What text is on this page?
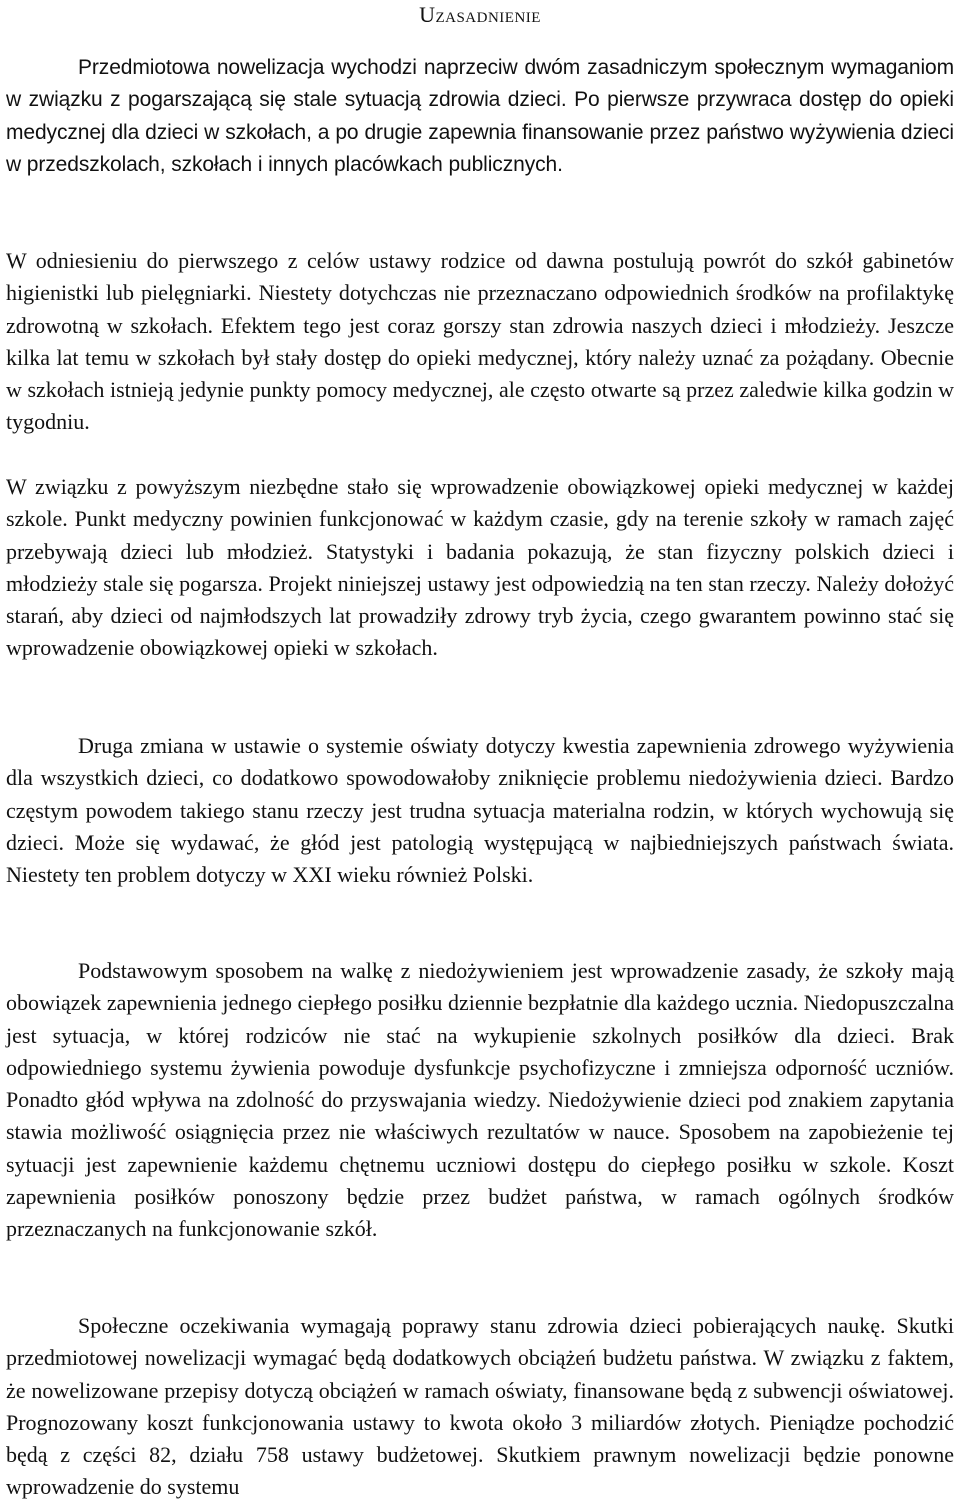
Uzasadnienie

Przedmiotowa nowelizacja wychodzi naprzeciw dwóm zasadniczym społecznym wymaganiom w związku z pogarszającą się stale sytuacją zdrowia dzieci. Po pierwsze przywraca dostęp do opieki medycznej dla dzieci w szkołach, a po drugie zapewnia finansowanie przez państwo wyżywienia dzieci w przedszkolach, szkołach i innych placówkach publicznych.

W odniesieniu do pierwszego z celów ustawy rodzice od dawna postulują powrót do szkół gabinetów higienistki lub pielęgniarki. Niestety dotychczas nie przeznaczano odpowiednich środków na profilaktykę zdrowotną w szkołach. Efektem tego jest coraz gorszy stan zdrowia naszych dzieci i młodzieży. Jeszcze kilka lat temu w szkołach był stały dostęp do opieki medycznej, który należy uznać za pożądany. Obecnie w szkołach istnieją jedynie punkty pomocy medycznej, ale często otwarte są przez zaledwie kilka godzin w tygodniu.

W związku z powyższym niezbędne stało się wprowadzenie obowiązkowej opieki medycznej w każdej szkole. Punkt medyczny powinien funkcjonować w każdym czasie, gdy na terenie szkoły w ramach zajęć przebywają dzieci lub młodzież. Statystyki i badania pokazują, że stan fizyczny polskich dzieci i młodzieży stale się pogarsza. Projekt niniejszej ustawy jest odpowiedzią na ten stan rzeczy. Należy dołożyć starań, aby dzieci od najmłodszych lat prowadziły zdrowy tryb życia, czego gwarantem powinno stać się wprowadzenie obowiązkowej opieki w szkołach.

Druga zmiana w ustawie o systemie oświaty dotyczy kwestia zapewnienia zdrowego wyżywienia dla wszystkich dzieci, co dodatkowo spowodowałoby zniknięcie problemu niedożywienia dzieci. Bardzo częstym powodem takiego stanu rzeczy jest trudna sytuacja materialna rodzin, w których wychowują się dzieci. Może się wydawać, że głód jest patologią występującą w najbiedniejszych państwach świata. Niestety ten problem dotyczy w XXI wieku również Polski.

Podstawowym sposobem na walkę z niedożywieniem jest wprowadzenie zasady, że szkoły mają obowiązek zapewnienia jednego ciepłego posiłku dziennie bezpłatnie dla każdego ucznia. Niedopuszczalna jest sytuacja, w której rodziców nie stać na wykupienie szkolnych posiłków dla dzieci. Brak odpowiedniego systemu żywienia powoduje dysfunkcje psychofizyczne i zmniejsza odporność uczniów. Ponadto głód wpływa na zdolność do przyswajania wiedzy. Niedożywienie dzieci pod znakiem zapytania stawia możliwość osiągnięcia przez nie właściwych rezultatów w nauce. Sposobem na zapobieżenie tej sytuacji jest zapewnienie każdemu chętnemu uczniowi dostępu do ciepłego posiłku w szkole. Koszt zapewnienia posiłków ponoszony będzie przez budżet państwa, w ramach ogólnych środków przeznaczanych na funkcjonowanie szkół.

Społeczne oczekiwania wymagają poprawy stanu zdrowia dzieci pobierających naukę. Skutki przedmiotowej nowelizacji wymagać będą dodatkowych obciążeń budżetu państwa. W związku z faktem, że nowelizowane przepisy dotyczą obciążeń w ramach oświaty, finansowane będą z subwencji oświatowej. Prognozowany koszt funkcjonowania ustawy to kwota około 3 miliardów złotych. Pieniądze pochodzić będą z części 82, działu 758 ustawy budżetowej. Skutkiem prawnym nowelizacji będzie ponowne wprowadzenie do systemu
